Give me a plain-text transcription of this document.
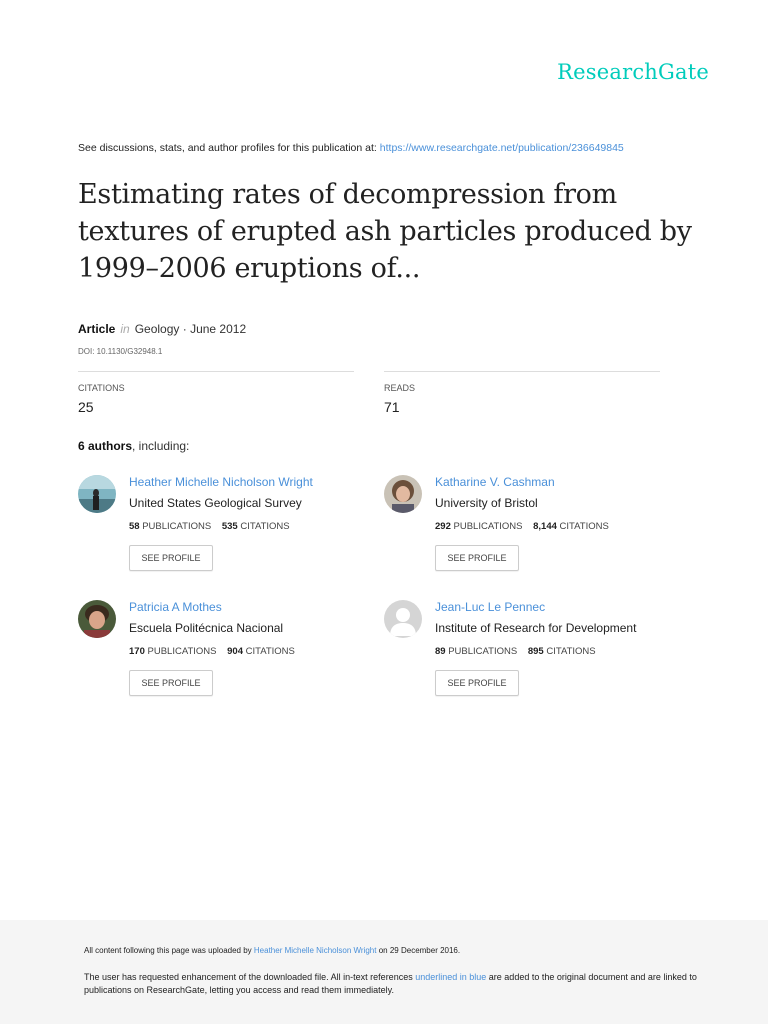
ResearchGate
See discussions, stats, and author profiles for this publication at: https://www.researchgate.net/publication/236649845
Estimating rates of decompression from textures of erupted ash particles produced by 1999–2006 eruptions of...
Article in Geology · June 2012
DOI: 10.1130/G32948.1
CITATIONS
25
READS
71
6 authors, including:
Heather Michelle Nicholson Wright
United States Geological Survey
58 PUBLICATIONS 535 CITATIONS
SEE PROFILE
Katharine V. Cashman
University of Bristol
292 PUBLICATIONS 8,144 CITATIONS
SEE PROFILE
Patricia A Mothes
Escuela Politécnica Nacional
170 PUBLICATIONS 904 CITATIONS
SEE PROFILE
Jean-Luc Le Pennec
Institute of Research for Development
89 PUBLICATIONS 895 CITATIONS
SEE PROFILE
All content following this page was uploaded by Heather Michelle Nicholson Wright on 29 December 2016.
The user has requested enhancement of the downloaded file. All in-text references underlined in blue are added to the original document and are linked to publications on ResearchGate, letting you access and read them immediately.
